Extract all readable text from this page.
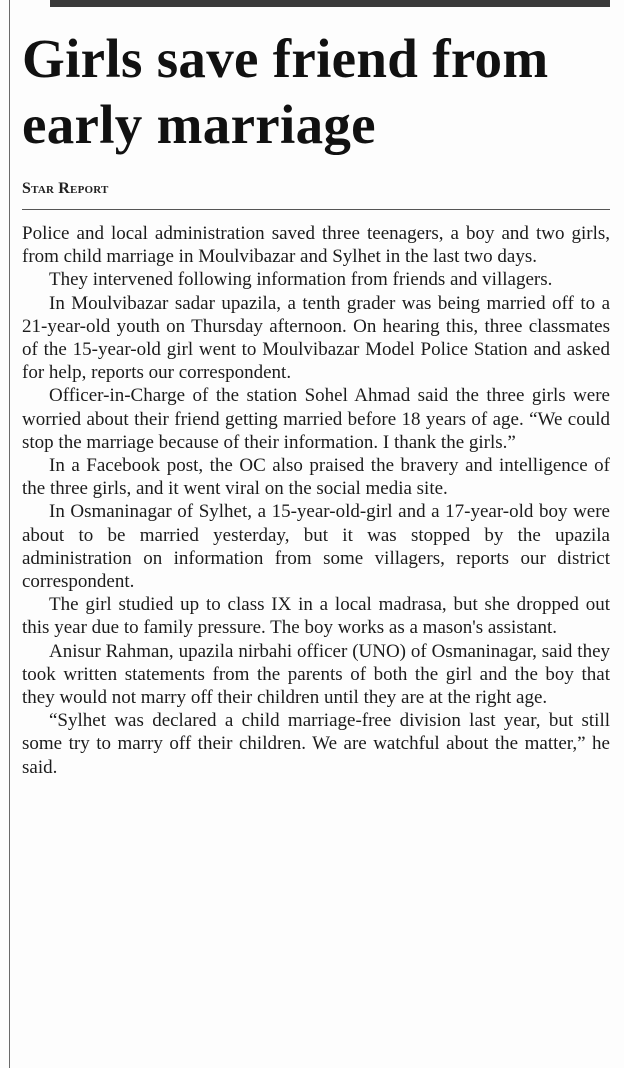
Girls save friend from early marriage

Star Report

Police and local administration saved three teenagers, a boy and two girls, from child marriage in Moulvibazar and Sylhet in the last two days.

They intervened following information from friends and villagers.

In Moulvibazar sadar upazila, a tenth grader was being married off to a 21-year-old youth on Thursday afternoon. On hearing this, three classmates of the 15-year-old girl went to Moulvibazar Model Police Station and asked for help, reports our correspondent.

Officer-in-Charge of the station Sohel Ahmad said the three girls were worried about their friend getting married before 18 years of age. “We could stop the marriage because of their information. I thank the girls.”

In a Facebook post, the OC also praised the bravery and intelligence of the three girls, and it went viral on the social media site.

In Osmaninagar of Sylhet, a 15-year-old-girl and a 17-year-old boy were about to be married yesterday, but it was stopped by the upazila administration on information from some villagers, reports our district correspondent.

The girl studied up to class IX in a local madrasa, but she dropped out this year due to family pressure. The boy works as a mason's assistant.

Anisur Rahman, upazila nirbahi officer (UNO) of Osmaninagar, said they took written statements from the parents of both the girl and the boy that they would not marry off their children until they are at the right age.

“Sylhet was declared a child marriage-free division last year, but still some try to marry off their children. We are watchful about the matter,” he said.
